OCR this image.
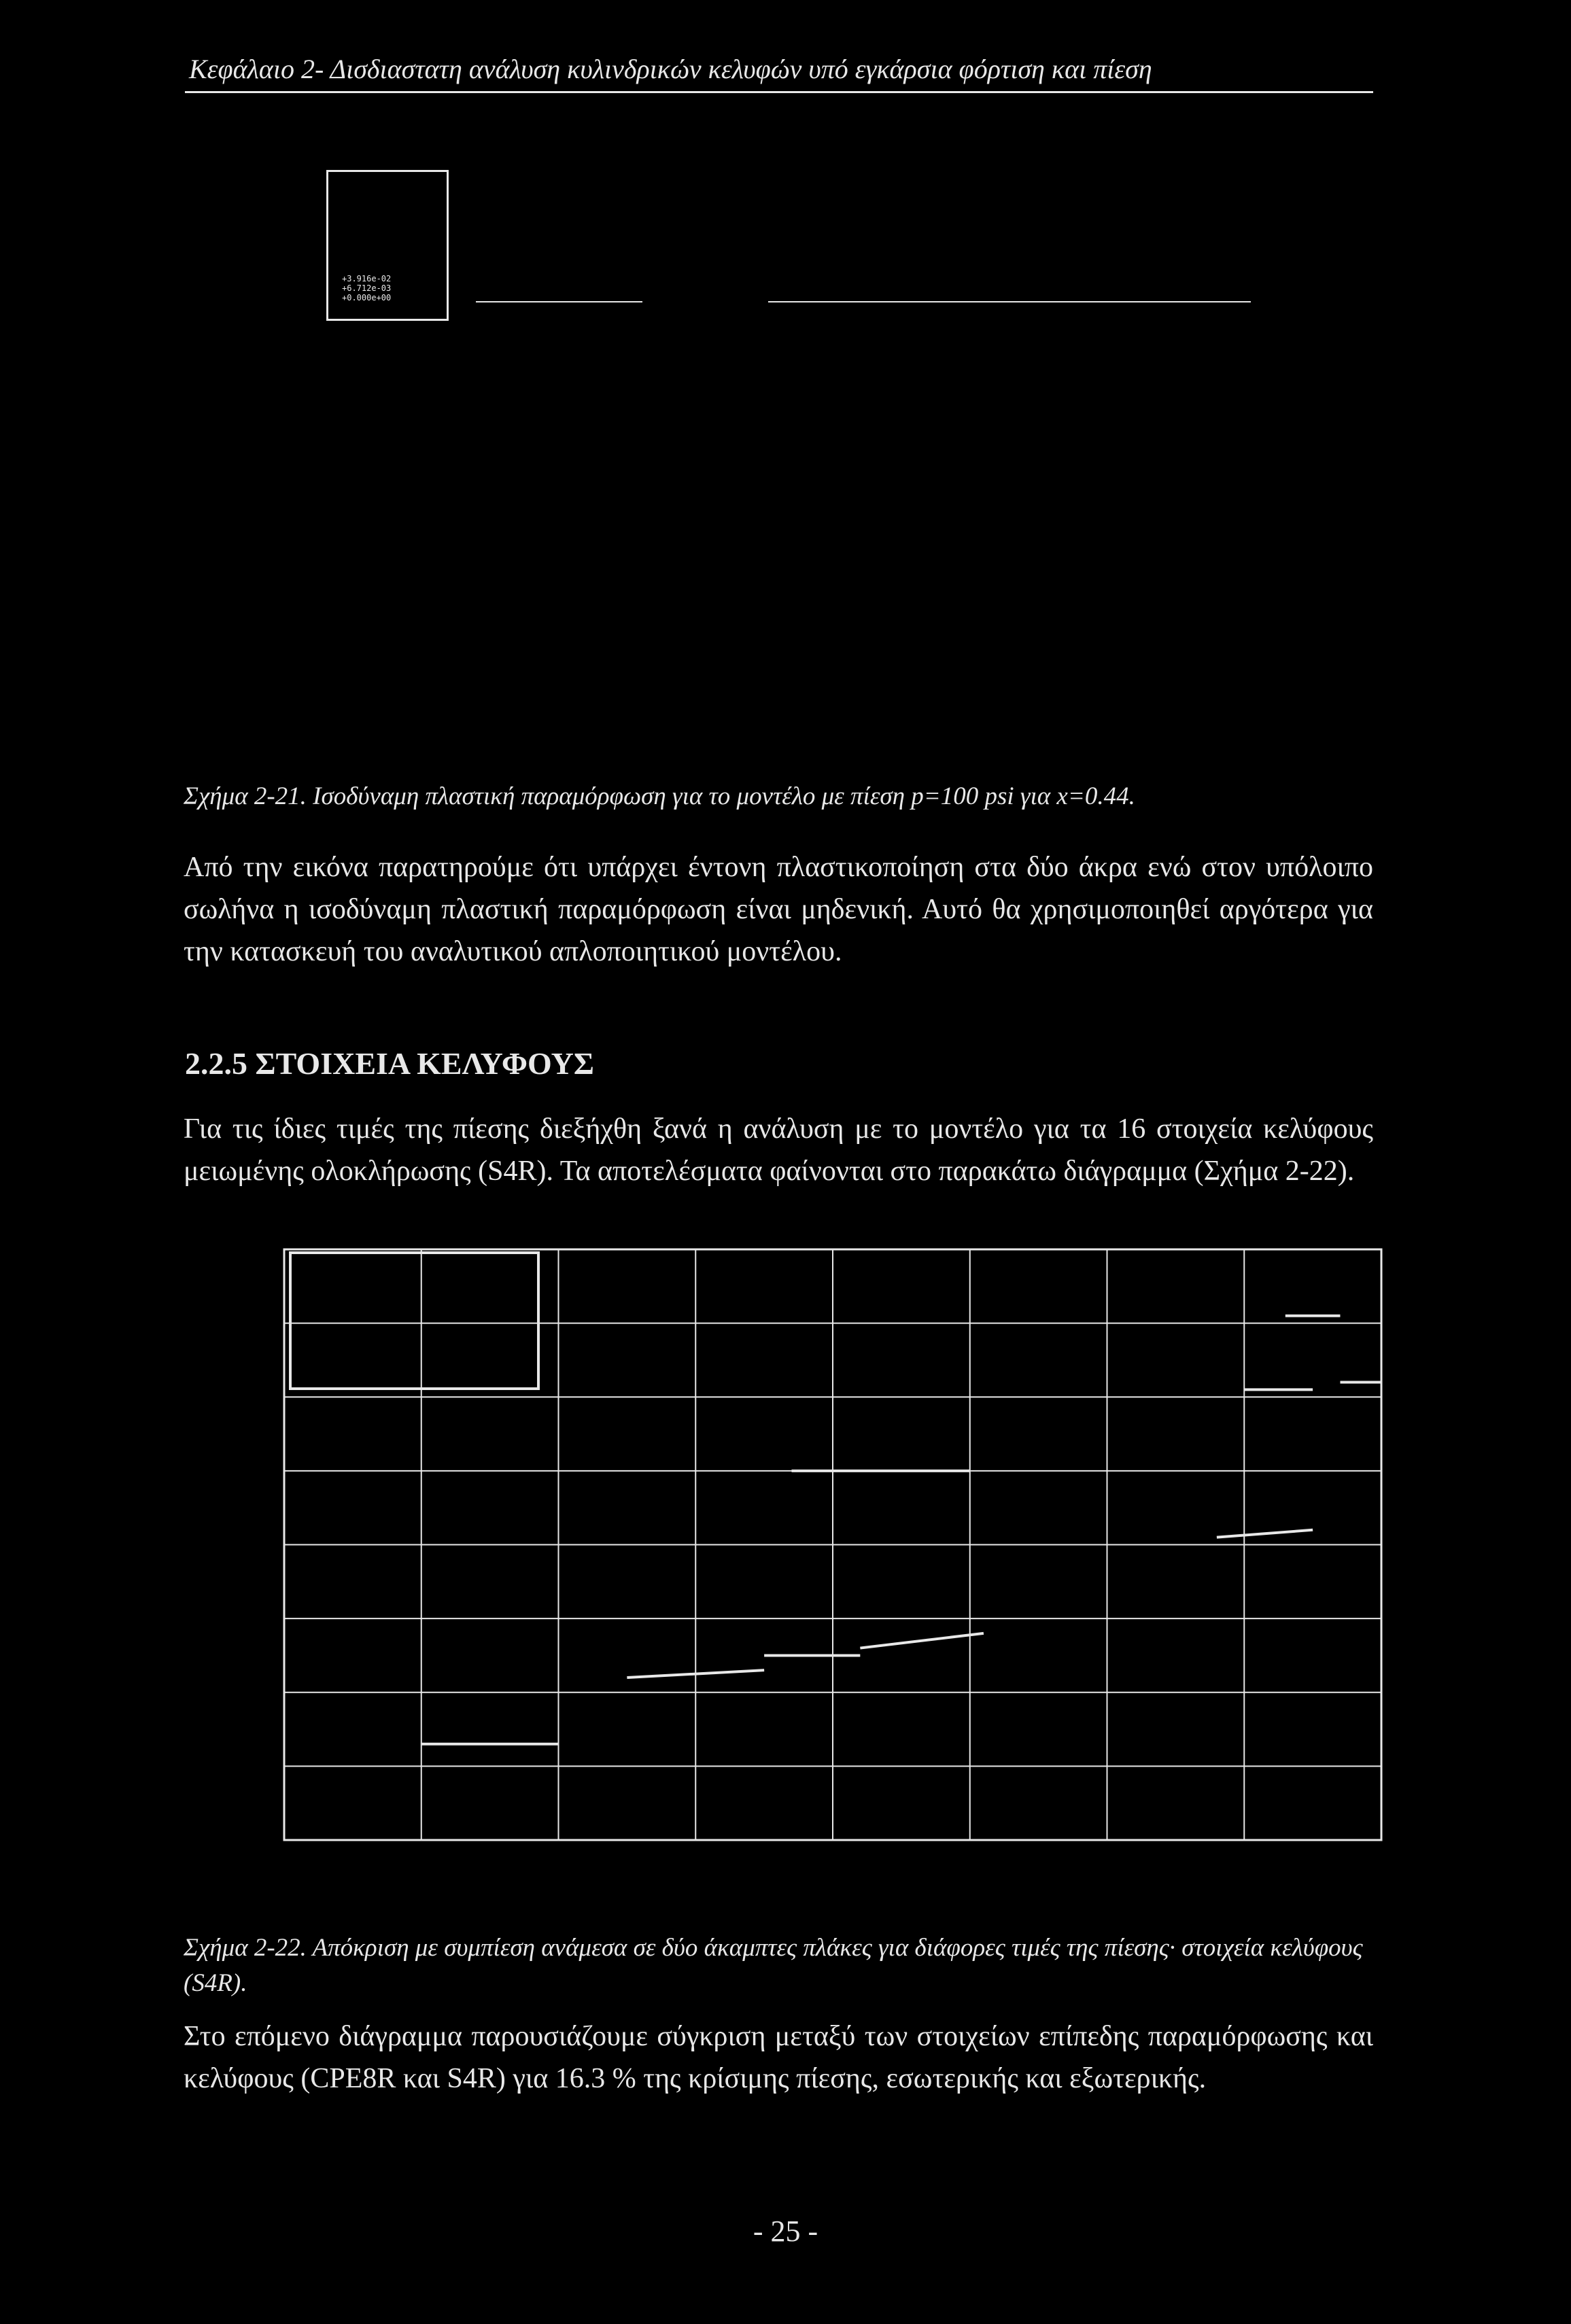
Κεφάλαιο 2- Δισδιαστατη ανάλυση κυλινδρικών κελυφών υπό εγκάρσια φόρτιση και πίεση
+3.916e-02
+6.712e-03
+0.000e+00
Σχήμα 2-21. Ισοδύναμη πλαστική παραμόρφωση για το μοντέλο με πίεση p=100 psi για x=0.44.
Από την εικόνα παρατηρούμε ότι υπάρχει έντονη πλαστικοποίηση στα δύο άκρα ενώ στον υπόλοιπο σωλήνα η ισοδύναμη πλαστική παραμόρφωση είναι μηδενική. Αυτό θα χρησιμοποιηθεί αργότερα για την κατασκευή του αναλυτικού απλοποιητικού μοντέλου.
2.2.5 ΣΤΟΙΧΕΙΑ ΚΕΛΥΦΟΥΣ
Για τις ίδιες τιμές της πίεσης διεξήχθη ξανά η ανάλυση με το μοντέλο για τα 16 στοιχεία κελύφους μειωμένης ολοκλήρωσης (S4R). Τα αποτελέσματα φαίνονται στο παρακάτω διάγραμμα (Σχήμα 2-22).
Σχήμα 2-22. Απόκριση με συμπίεση ανάμεσα σε δύο άκαμπτες πλάκες για διάφορες τιμές της πίεσης· στοιχεία κελύφους (S4R).
Στο επόμενο διάγραμμα παρουσιάζουμε σύγκριση μεταξύ των στοιχείων επίπεδης παραμόρφωσης και κελύφους (CPE8R και S4R) για 16.3 % της κρίσιμης πίεσης, εσωτερικής και εξωτερικής.
- 25 -
